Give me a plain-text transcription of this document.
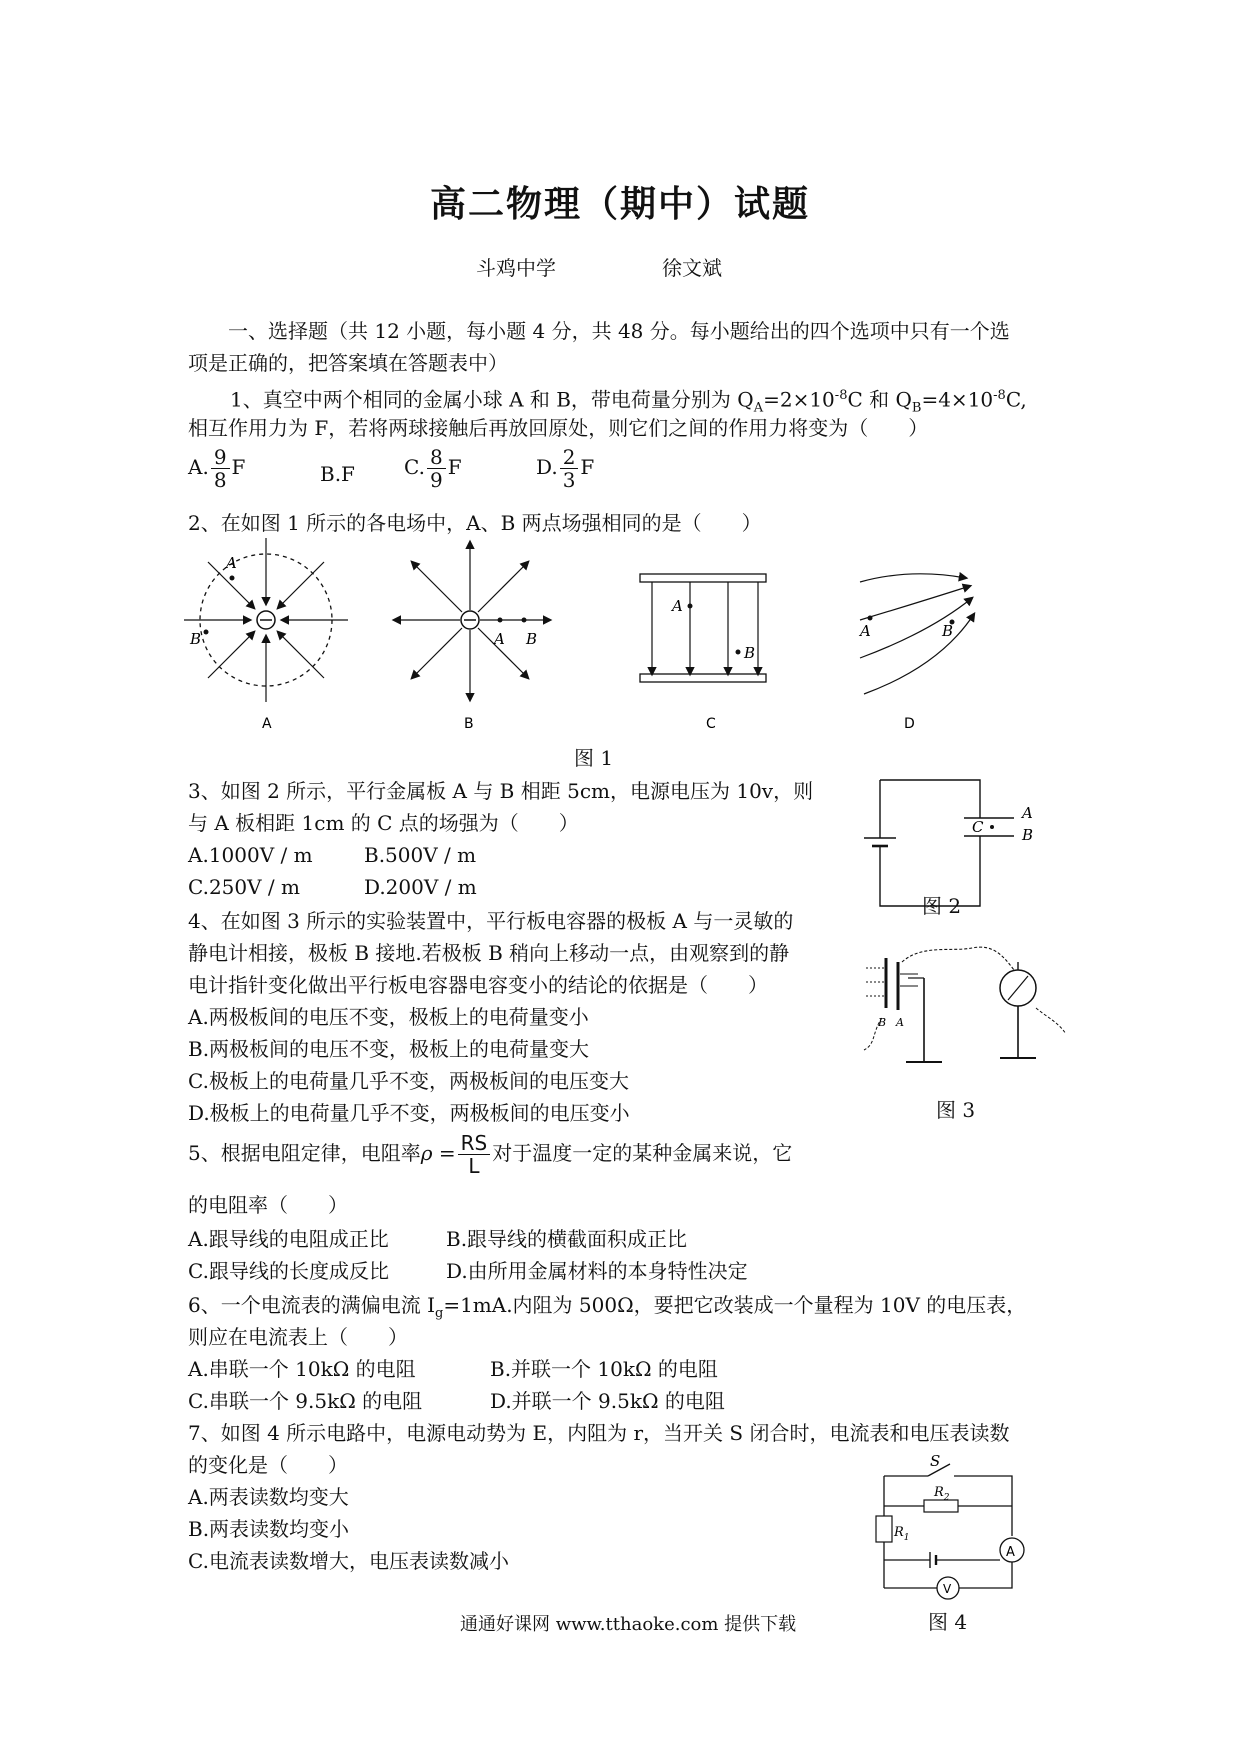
高二物理（期中）试题
斗鸡中学	徐文斌
一、选择题（共 12 小题，每小题 4 分，共 48 分。每小题给出的四个选项中只有一个选
项是正确的，把答案填在答题表中）
1、真空中两个相同的金属小球 A 和 B，带电荷量分别为 $Q_A=2\times 10^{-8}C$ 和 $Q_B=4\times 10^{-8}C$,
相互作用力为 F，若将两球接触后再放回原处，则它们之间的作用力将变为（　　）
A. $\frac{9}{8}$ F	B.F C. $\frac{8}{9}$ F	D. $\frac{2}{3}$ F
2、在如图 1 所示的各电场中，A、B 两点场强相同的是（　　）
A
B	A B
A
B
A	B
A	B	C	D
图 1
3、如图 2 所示，平行金属板 A 与 B 相距 5cm，电源电压为 10v，则
与 A 板相距 1cm 的 C 点的场强为（　　）
A.1000V / m	B.500V / m
C.250V / m	D.200V / m
C
A
B
图 2
4、在如图 3 所示的实验装置中，平行板电容器的极板 A 与一灵敏的
静电计相接，极板 B 接地.若极板 B 稍向上移动一点，由观察到的静
电计指针变化做出平行板电容器电容变小的结论的依据是（　　）
A.两极板间的电压不变，极板上的电荷量变小
B.两极板间的电压不变，极板上的电荷量变大
C.极板上的电荷量几乎不变，两极板间的电压变大
D.极板上的电荷量几乎不变，两极板间的电压变小
B A
图 3
5、根据电阻定律，电阻率$\rho = \frac{RS}{L}$ 对于温度一定的某种金属来说，它
的电阻率（　　）
A.跟导线的电阻成正比	B.跟导线的横截面积成正比
C.跟导线的长度成反比	D.由所用金属材料的本身特性决定
6、一个电流表的满偏电流 $I_g=1mA$.内阻为 500Ω，要把它改装成一个量程为 10V 的电压表，
则应在电流表上（　　）
A.串联一个 10kΩ 的电阻	B.并联一个 10kΩ 的电阻
C.串联一个 9.5kΩ 的电阻	D.并联一个 9.5kΩ 的电阻
7、如图 4 所示电路中，电源电动势为 E，内阻为 r，当开关 S 闭合时，电流表和电压表读数
的变化是（　　）
A.两表读数均变大
B.两表读数均变小
C.电流表读数增大，电压表读数减小
S
$R_1$
$R_2$
A
V
图 4
通通好课网 www.tthaoke.com 提供下载
